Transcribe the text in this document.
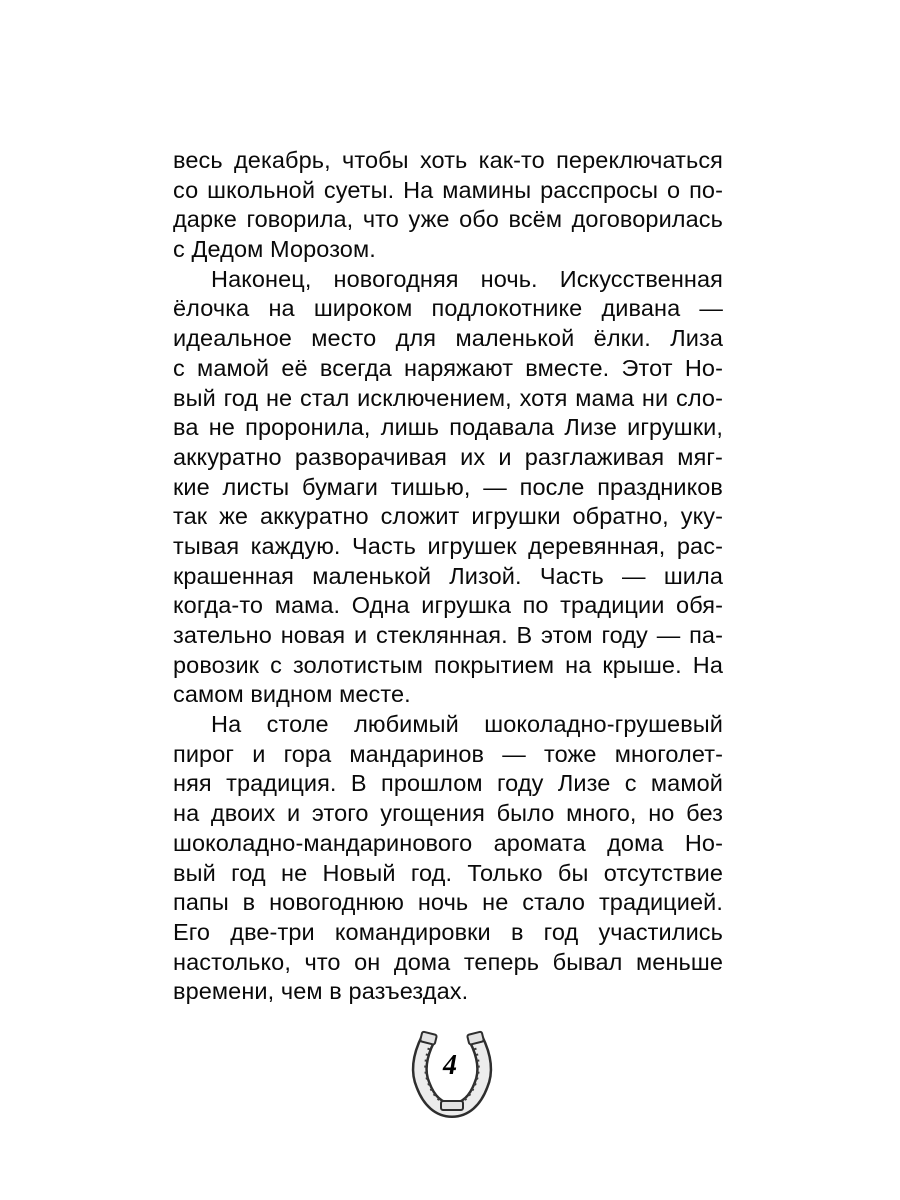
весь декабрь, чтобы хоть как-то переключаться
со школьной суеты. На мамины расспросы о по-
дарке говорила, что уже обо всём договорилась
с Дедом Морозом.
Наконец, новогодняя ночь. Искусственная
ёлочка на широком подлокотнике дивана —
идеальное место для маленькой ёлки. Лиза
с мамой её всегда наряжают вместе. Этот Но-
вый год не стал исключением, хотя мама ни сло-
ва не проронила, лишь подавала Лизе игрушки,
аккуратно разворачивая их и разглаживая мяг-
кие листы бумаги тишью, — после праздников
так же аккуратно сложит игрушки обратно, уку-
тывая каждую. Часть игрушек деревянная, рас-
крашенная маленькой Лизой. Часть — шила
когда-то мама. Одна игрушка по традиции обя-
зательно новая и стеклянная. В этом году — па-
ровозик с золотистым покрытием на крыше. На
самом видном месте.
На столе любимый шоколадно-грушевый
пирог и гора мандаринов — тоже многолет-
няя традиция. В прошлом году Лизе с мамой
на двоих и этого угощения было много, но без
шоколадно-мандаринового аромата дома Но-
вый год не Новый год. Только бы отсутствие
папы в новогоднюю ночь не стало традицией.
Его две-три командировки в год участились
настолько, что он дома теперь бывал меньше
времени, чем в разъездах.
4
